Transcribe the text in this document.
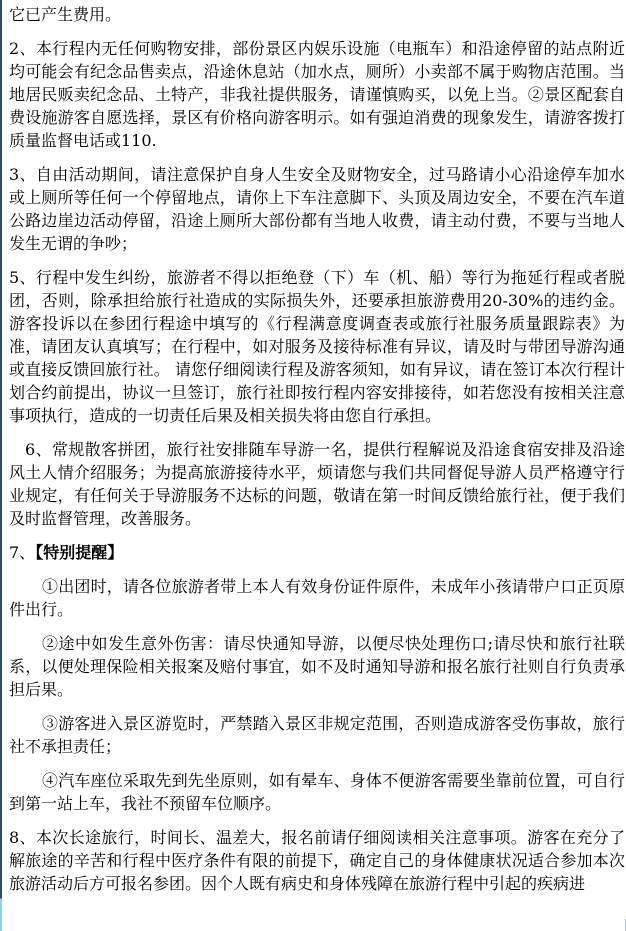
它已产生费用。

2、本行程内无任何购物安排，部份景区内娱乐设施（电瓶车）和沿途停留的站点附近均可能会有纪念品售卖点，沿途休息站（加水点，厕所）小卖部不属于购物店范围。当地居民贩卖纪念品、土特产，非我社提供服务，请谨慎购买，以免上当。②景区配套自费设施游客自愿选择，景区有价格向游客明示。如有强迫消费的现象发生，请游客拨打质量监督电话或110.

3、自由活动期间，请注意保护自身人生安全及财物安全，过马路请小心沿途停车加水或上厕所等任何一个停留地点，请你上下车注意脚下、头顶及周边安全，不要在汽车道公路边崖边活动停留，沿途上厕所大部份都有当地人收费，请主动付费，不要与当地人发生无谓的争吵；

5、行程中发生纠纷，旅游者不得以拒绝登（下）车（机、船）等行为拖延行程或者脱团，否则，除承担给旅行社造成的实际损失外，还要承担旅游费用20-30%的违约金。游客投诉以在参团行程途中填写的《行程满意度调查表或旅行社服务质量跟踪表》为准，请团友认真填写；在行程中，如对服务及接待标准有异议，请及时与带团导游沟通或直接反馈回旅行社。 请您仔细阅读行程及游客须知，如有异议，请在签订本次行程计划合约前提出，协议一旦签订，旅行社即按行程内容安排接待，如若您没有按相关注意事项执行，造成的一切责任后果及相关损失将由您自行承担。

6、常规散客拼团，旅行社安排随车导游一名，提供行程解说及沿途食宿安排及沿途风土人情介绍服务；为提高旅游接待水平，烦请您与我们共同督促导游人员严格遵守行业规定，有任何关于导游服务不达标的问题，敬请在第一时间反馈给旅行社，便于我们及时监督管理，改善服务。

7、【特别提醒】

①出团时，请各位旅游者带上本人有效身份证件原件，未成年小孩请带户口正页原件出行。

②途中如发生意外伤害：请尽快通知导游，以便尽快处理伤口;请尽快和旅行社联系，以便处理保险相关报案及赔付事宜，如不及时通知导游和报名旅行社则自行负责承担后果。

③游客进入景区游览时，严禁踏入景区非规定范围，否则造成游客受伤事故，旅行社不承担责任；

④汽车座位采取先到先坐原则，如有晕车、身体不便游客需要坐靠前位置，可自行到第一站上车，我社不预留车位顺序。

8、本次长途旅行，时间长、温差大，报名前请仔细阅读相关注意事项。游客在充分了解旅途的辛苦和行程中医疗条件有限的前提下，确定自己的身体健康状况适合参加本次旅游活动后方可报名参团。因个人既有病史和身体残障在旅游行程中引起的疾病进
